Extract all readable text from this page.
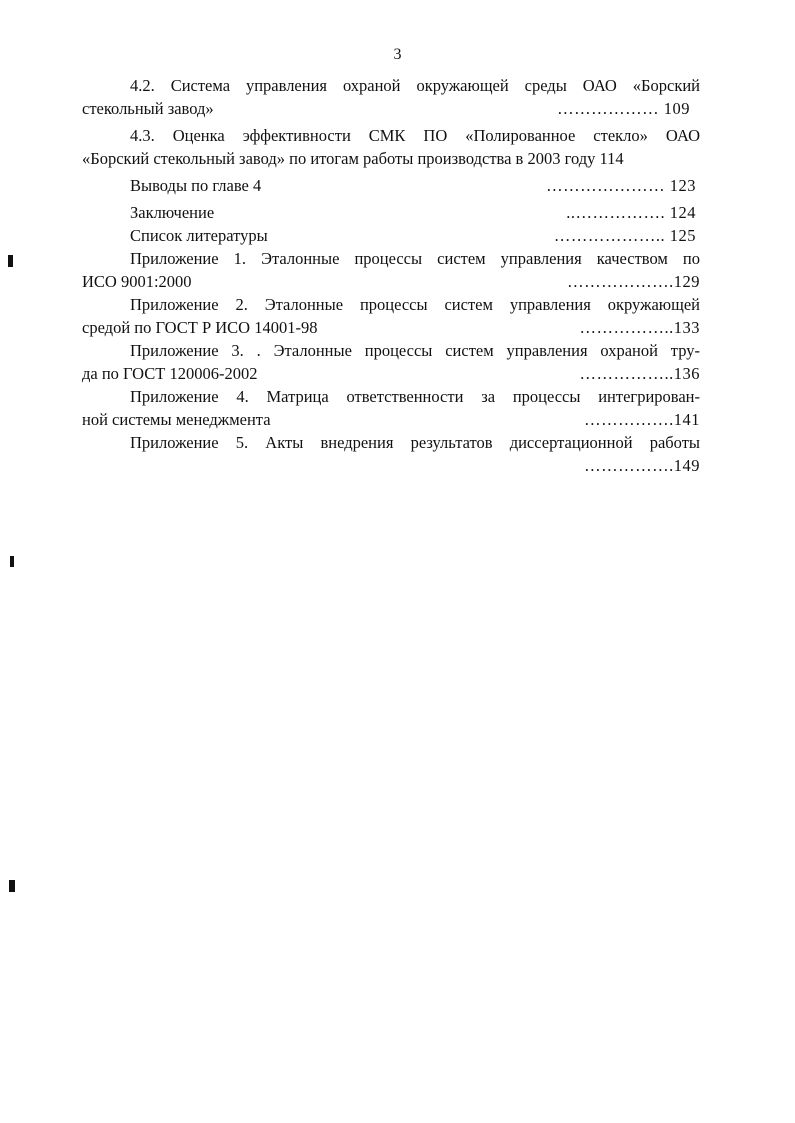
3
4.2. Система управления охраной окружающей среды ОАО «Борский
стекольный завод»	……………… 109
4.3. Оценка эффективности СМК ПО «Полированное стекло» ОАО
«Борский стекольный завод» по итогам работы производства в 2003 году 114
Выводы по главе 4	………………… 123
Заключение	..……………. 124
Список литературы	……………….. 125
Приложение 1. Эталонные процессы систем управления качеством по
ИСО 9001:2000	……………….129
Приложение 2. Эталонные процессы систем управления окружающей
средой по ГОСТ Р ИСО 14001-98	……………..133
Приложение 3. . Эталонные процессы систем управления охраной тру-
да по ГОСТ 120006-2002	……………..136
Приложение 4. Матрица ответственности за процессы интегрирован-
ной системы менеджмента	…………….141
Приложение 5. Акты внедрения результатов диссертационной работы
…………….149
